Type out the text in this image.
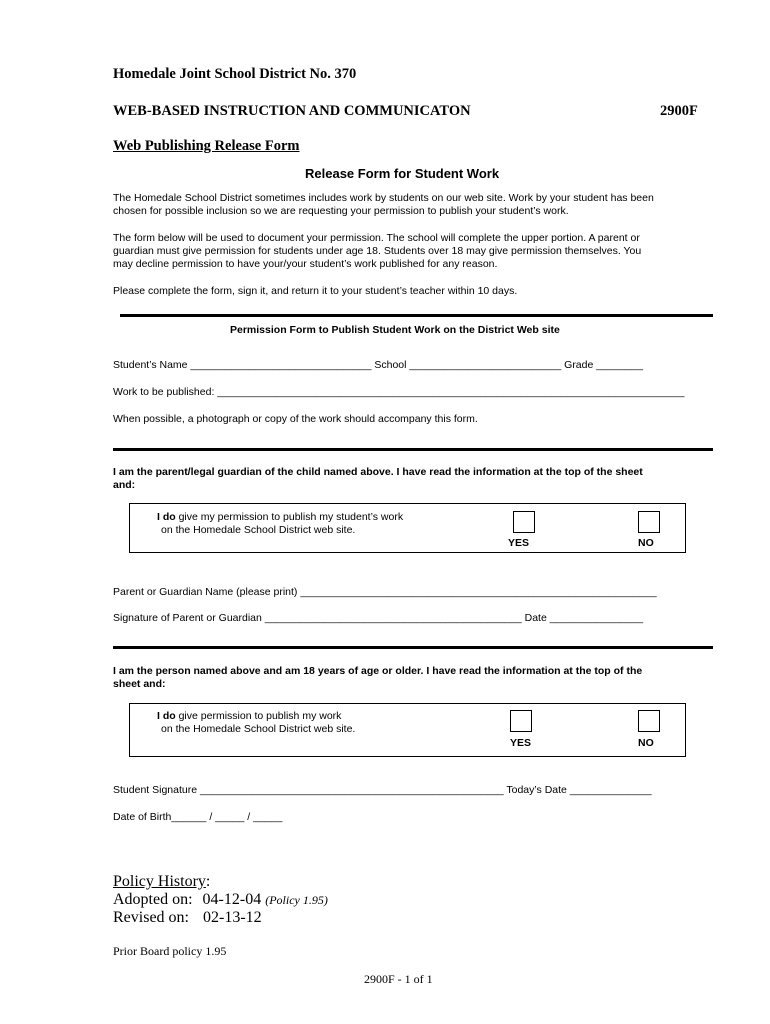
Homedale Joint School District No. 370
WEB-BASED INSTRUCTION AND COMMUNICATON	2900F
Web Publishing Release Form
Release Form for Student Work

The Homedale School District sometimes includes work by students on our web site. Work by your student has been

chosen for possible inclusion so we are requesting your permission to publish your student’s work.

The form below will be used to document your permission. The school will complete the upper portion. A parent or

guardian must give permission for students under age 18. Students over 18 may give permission themselves. You

may decline permission to have your/your student’s work published for any reason.

Please complete the form, sign it, and return it to your student’s teacher within 10 days.
Permission Form to Publish Student Work on the District Web site
Student’s Name _______________________________ School __________________________ Grade ________
Work to be published: ________________________________________________________________________________
When possible, a photograph or copy of the work should accompany this form.

I am the parent/legal guardian of the child named above. I have read the information at the top of the sheet

and:

I do give my permission to publish my student’s work

on the Homedale School District web site.

YES	NO
Parent or Guardian Name (please print) _____________________________________________________________
Signature of Parent or Guardian ____________________________________________ Date ________________

I am the person named above and am 18 years of age or older. I have read the information at the top of the

sheet and:

I do give permission to publish my work

on the Homedale School District web site.

YES	NO
Student Signature ____________________________________________________ Today’s Date ______________
Date of Birth______ / _____ / _____
Policy History:
Adopted on: 04-12-04 (Policy 1.95)
Revised on: 02-13-12
Prior Board policy 1.95
2900F - 1 of 1
